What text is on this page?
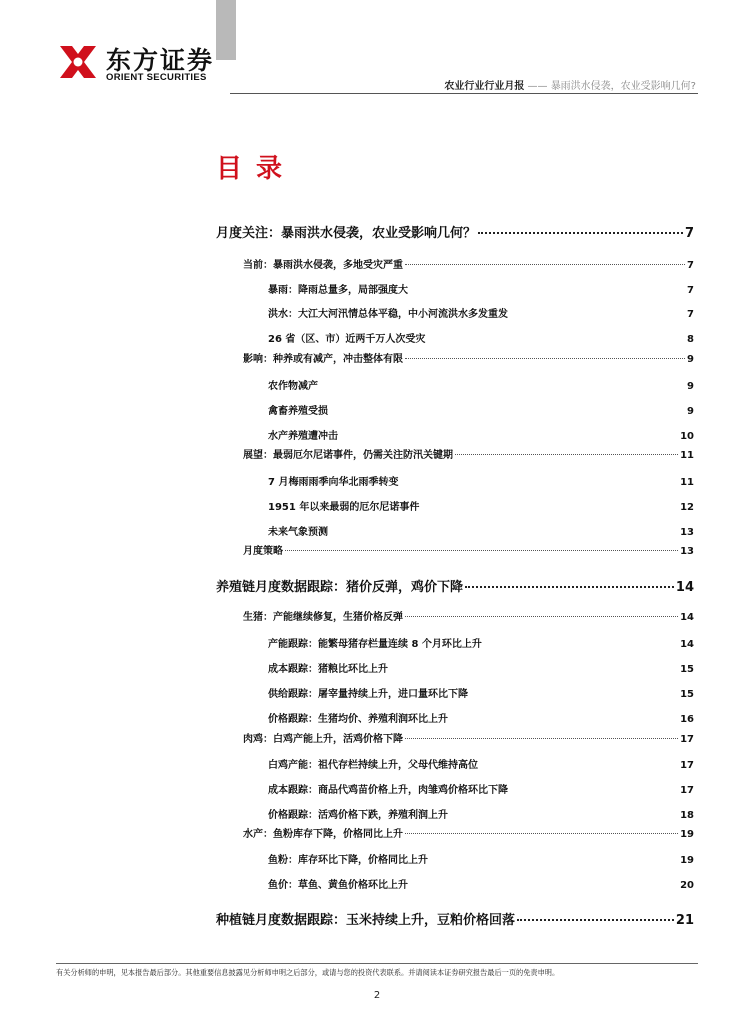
东方证券
ORIENT SECURITIES
农业行业行业月报 —— 暴雨洪水侵袭，农业受影响几何?
目录
月度关注：暴雨洪水侵袭，农业受影响几何？	7
当前：暴雨洪水侵袭，多地受灾严重	7
暴雨：降雨总量多，局部强度大	7
洪水：大江大河汛情总体平稳，中小河流洪水多发重发	7
26 省（区、市）近两千万人次受灾	8
影响：种养或有减产，冲击整体有限	9
农作物减产	9
禽畜养殖受损	9
水产养殖遭冲击	10
展望：最弱厄尔尼诺事件，仍需关注防汛关键期	11
7 月梅雨雨季向华北雨季转变	11
1951 年以来最弱的厄尔尼诺事件	12
未来气象预测	13
月度策略	13
养殖链月度数据跟踪：猪价反弹，鸡价下降	14
生猪：产能继续修复，生猪价格反弹	14
产能跟踪：能繁母猪存栏量连续 8 个月环比上升	14
成本跟踪：猪粮比环比上升	15
供给跟踪：屠宰量持续上升，进口量环比下降	15
价格跟踪：生猪均价、养殖利润环比上升	16
肉鸡：白鸡产能上升，活鸡价格下降	17
白鸡产能：祖代存栏持续上升，父母代维持高位	17
成本跟踪：商品代鸡苗价格上升，肉雏鸡价格环比下降	17
价格跟踪：活鸡价格下跌，养殖利润上升	18
水产：鱼粉库存下降，价格同比上升	19
鱼粉：库存环比下降，价格同比上升	19
鱼价：草鱼、黄鱼价格环比上升	20
种植链月度数据跟踪：玉米持续上升，豆粕价格回落	21
有关分析师的申明，见本报告最后部分。其他重要信息披露见分析师申明之后部分，或请与您的投资代表联系。并请阅读本证券研究报告最后一页的免责申明。
2
